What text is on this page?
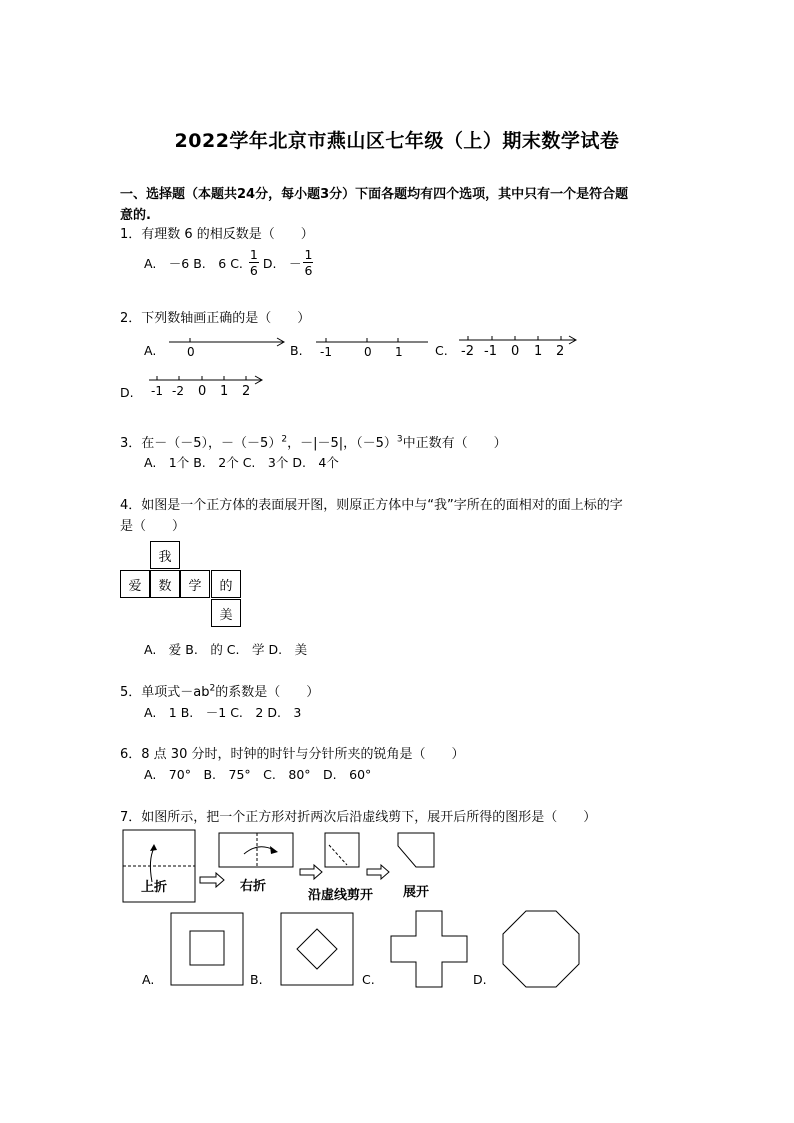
2022学年北京市燕山区七年级（上）期末数学试卷
一、选择题（本题共24分，每小题3分）下面各题均有四个选项，其中只有一个是符合题
意的.
1．有理数 6 的相反数是（　　）
A.　－6 B.　6 C. $\frac{1}{6} D$.　－ $\frac{1}{6}$
2．下列数轴画正确的是（　　）
A.	0	B. -1	0 1	C. -2 -1 0 1 2
D. -1 -2 0 1 2
3．在－（－5），$-(-5)^2$，－|－5|，$(-5)^3$中正数有（　　）
A.　1个 B.　2个 C.　3个 D.　4个
4．如图是一个正方体的表面展开图，则原正方体中与“我”字所在的面相对的面上标的字
是（　　）
我
爱	数	学	的
美
A.　爱 B.　的 C.　学 D.　美
5．单项式$-ab^2$的系数是（　　）
A.　1 B.　－1 C.　2 D.　3
6．8 点 30 分时，时钟的时针与分针所夹的锐角是（　　）
A.　70°　B.　75°　C.　80°　D.　60°
7．如图所示，把一个正方形对折两次后沿虚线剪下，展开后所得的图形是（　　）
上折	右折
沿虚线剪开 展开
A.	B.	C.	D.
